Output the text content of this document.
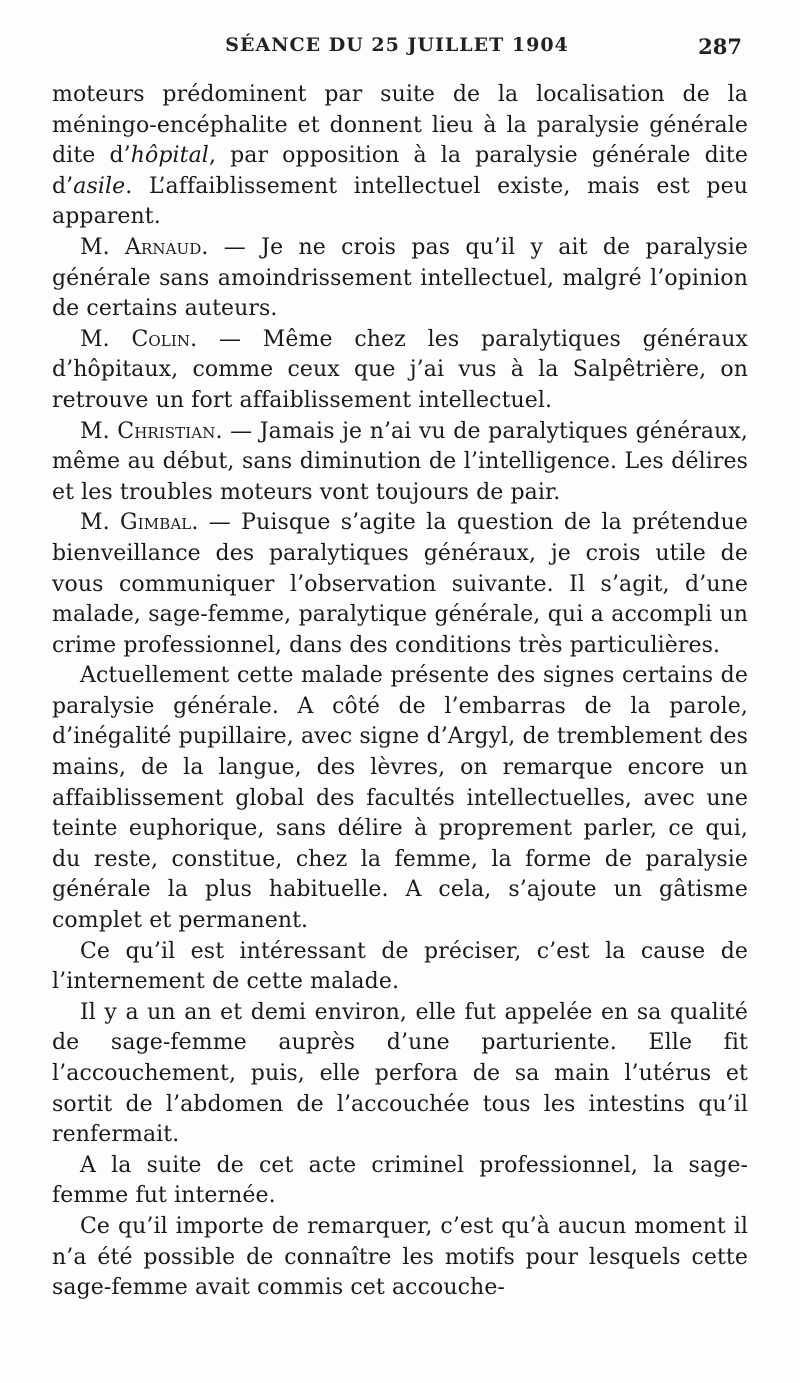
SÉANCE DU 25 JUILLET 1904	287

moteurs prédominent par suite de la localisation de la méningo-encéphalite et donnent lieu à la paralysie générale dite d’hôpital, par opposition à la paralysie générale dite d’asile. L’affaiblissement intellectuel existe, mais est peu apparent.

M. Arnaud. — Je ne crois pas qu’il y ait de paralysie générale sans amoindrissement intellectuel, malgré l’opinion de certains auteurs.

M. Colin. — Même chez les paralytiques généraux d’hôpitaux, comme ceux que j’ai vus à la Salpêtrière, on retrouve un fort affaiblissement intellectuel.

M. Christian. — Jamais je n’ai vu de paralytiques généraux, même au début, sans diminution de l’intelligence. Les délires et les troubles moteurs vont toujours de pair.

M. Gimbal. — Puisque s’agite la question de la prétendue bienveillance des paralytiques généraux, je crois utile de vous communiquer l’observation suivante. Il s’agit, d’une malade, sage-femme, paralytique générale, qui a accompli un crime professionnel, dans des conditions très particulières.

Actuellement cette malade présente des signes certains de paralysie générale. A côté de l’embarras de la parole, d’inégalité pupillaire, avec signe d’Argyl, de tremblement des mains, de la langue, des lèvres, on remarque encore un affaiblissement global des facultés intellectuelles, avec une teinte euphorique, sans délire à proprement parler, ce qui, du reste, constitue, chez la femme, la forme de paralysie générale la plus habituelle. A cela, s’ajoute un gâtisme complet et permanent.

Ce qu’il est intéressant de préciser, c’est la cause de l’internement de cette malade.

Il y a un an et demi environ, elle fut appelée en sa qualité de sage-femme auprès d’une parturiente. Elle fit l’accouchement, puis, elle perfora de sa main l’utérus et sortit de l’abdomen de l’accouchée tous les intestins qu’il renfermait.

A la suite de cet acte criminel professionnel, la sage-femme fut internée.

Ce qu’il importe de remarquer, c’est qu’à aucun moment il n’a été possible de connaître les motifs pour lesquels cette sage-femme avait commis cet accouche-
